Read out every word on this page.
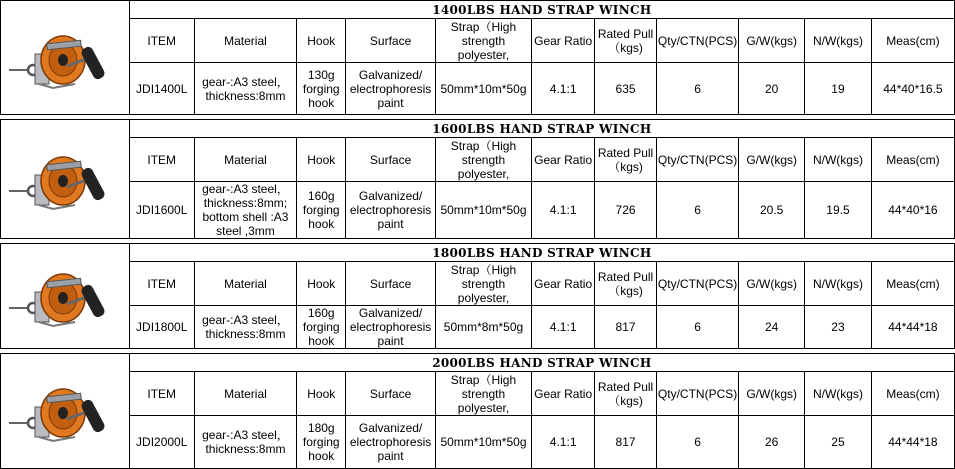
	1400LBS HAND STRAP WINCH										
	ITEM	Material	Hook	Surface	Strap（High strength polyester,	Gear Ratio	Rated Pull（kgs)	Qty/CTN(PCS)	G/W(kgs)	N/W(kgs)	Meas(cm)
	JDI1400L	gear-:A3 steel，thickness:8mm	130g forging hook	Galvanized/ electrophoresis paint	50mm*10m*50g	4.1:1	635	6	20	19	44*40*16.5

	1600LBS HAND STRAP WINCH										
	ITEM	Material	Hook	Surface	Strap（High strength polyester,	Gear Ratio	Rated Pull（kgs)	Qty/CTN(PCS)	G/W(kgs)	N/W(kgs)	Meas(cm)
	JDI1600L	gear-:A3 steel，thickness:8mm; bottom shell :A3 steel ,3mm	160g forging hook	Galvanized/ electrophoresis paint	50mm*10m*50g	4.1:1	726	6	20.5	19.5	44*40*16

	1800LBS HAND STRAP WINCH										
	ITEM	Material	Hook	Surface	Strap（High strength polyester,	Gear Ratio	Rated Pull（kgs)	Qty/CTN(PCS)	G/W(kgs)	N/W(kgs)	Meas(cm)
	JDI1800L	gear-:A3 steel，thickness:8mm	160g forging hook	Galvanized/ electrophoresis paint	50mm*8m*50g	4.1:1	817	6	24	23	44*44*18

	2000LBS HAND STRAP WINCH										
	ITEM	Material	Hook	Surface	Strap（High strength polyester,	Gear Ratio	Rated Pull（kgs)	Qty/CTN(PCS)	G/W(kgs)	N/W(kgs)	Meas(cm)
	JDI2000L	gear-:A3 steel，thickness:8mm	180g forging hook	Galvanized/ electrophoresis paint	50mm*10m*50g	4.1:1	817	6	26	25	44*44*18
